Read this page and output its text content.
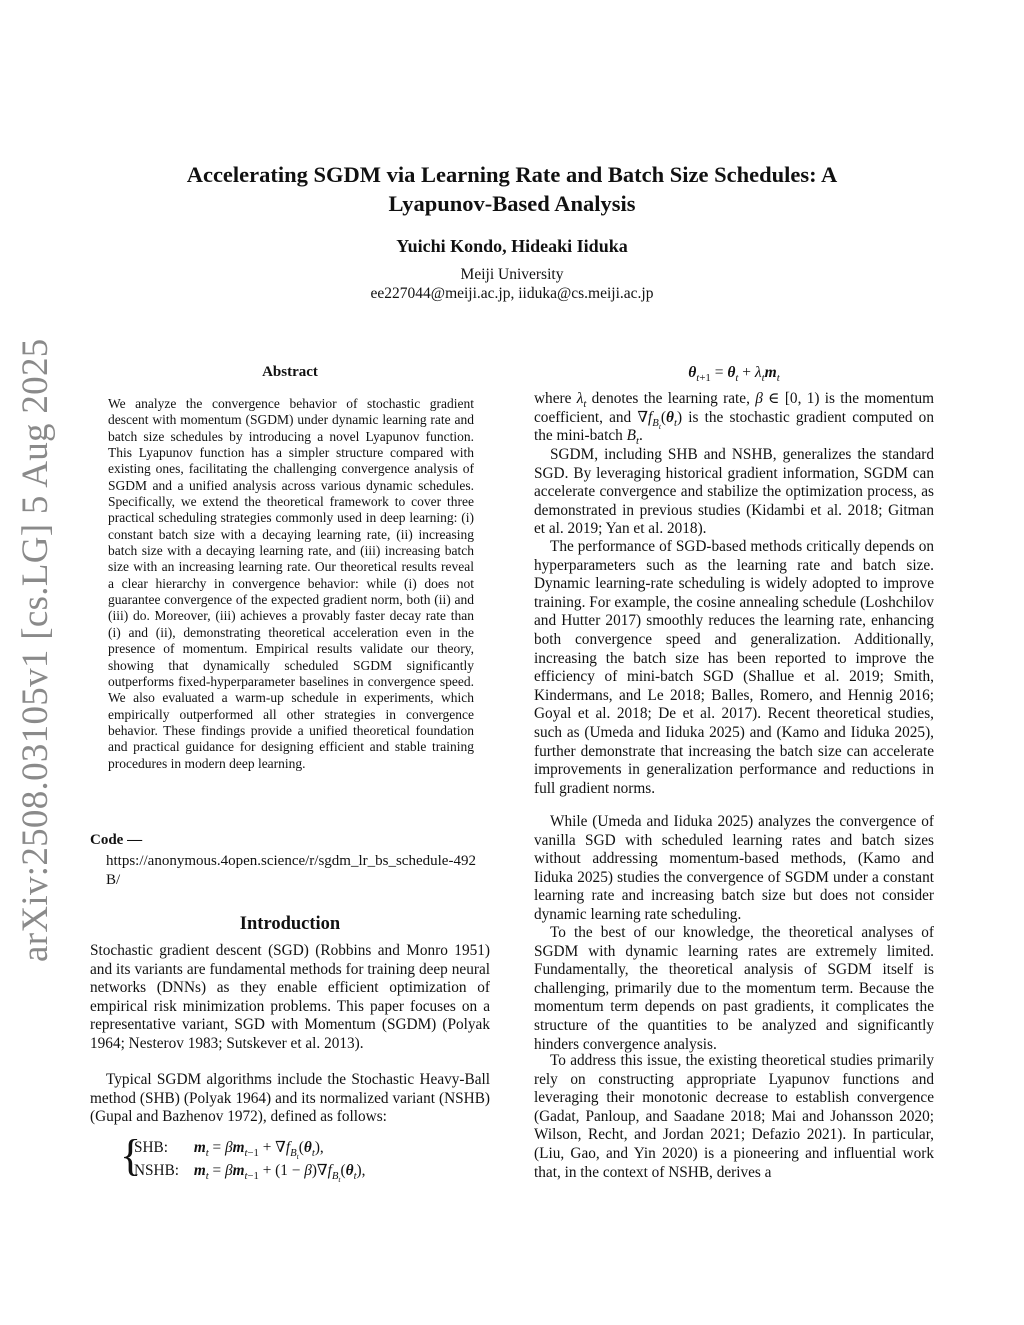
arXiv:2508.03105v1 [cs.LG] 5 Aug 2025
Accelerating SGDM via Learning Rate and Batch Size Schedules: A
Lyapunov-Based Analysis
Yuichi Kondo, Hideaki Iiduka
Meiji University
ee227044@meiji.ac.jp, iiduka@cs.meiji.ac.jp
Abstract
We analyze the convergence behavior of stochastic gradient descent with momentum (SGDM) under dynamic learning rate and batch size schedules by introducing a novel Lyapunov function. This Lyapunov function has a simpler structure compared with existing ones, facilitating the challenging convergence analysis of SGDM and a unified analysis across various dynamic schedules. Specifically, we extend the theoretical framework to cover three practical scheduling strategies commonly used in deep learning: (i) constant batch size with a decaying learning rate, (ii) increasing batch size with a decaying learning rate, and (iii) increasing batch size with an increasing learning rate. Our theoretical results reveal a clear hierarchy in convergence behavior: while (i) does not guarantee convergence of the expected gradient norm, both (ii) and (iii) do. Moreover, (iii) achieves a provably faster decay rate than (i) and (ii), demonstrating theoretical acceleration even in the presence of momentum. Empirical results validate our theory, showing that dynamically scheduled SGDM significantly outperforms fixed-hyperparameter baselines in convergence speed. We also evaluated a warm-up schedule in experiments, which empirically outperformed all other strategies in convergence behavior. These findings provide a unified theoretical foundation and practical guidance for designing efficient and stable training procedures in modern deep learning.
Code —
https://anonymous.4open.science/r/sgdm_lr_bs_schedule-492B/
Introduction
Stochastic gradient descent (SGD) (Robbins and Monro 1951) and its variants are fundamental methods for training deep neural networks (DNNs) as they enable efficient optimization of empirical risk minimization problems. This paper focuses on a representative variant, SGD with Momentum (SGDM) (Polyak 1964; Nesterov 1983; Sutskever et al. 2013).
Typical SGDM algorithms include the Stochastic Heavy-Ball method (SHB) (Polyak 1964) and its normalized variant (NSHB) (Gupal and Bazhenov 1972), defined as follows:
{
SHB: $m_t = \beta m_{t-1} + \nabla f_{B_t}(\theta_t)$,
NSHB: $m_t = \beta m_{t-1} + (1 - \beta)\nabla f_{B_t}(\theta_t)$,
$\theta_{t+1} = \theta_t + \lambda_tm_t$
where $\lambda_t$ denotes the learning rate, β ∈ [0, 1) is the momentum coefficient, and $\nabla f_{B_t}(\theta_t)$ is the stochastic gradient computed on the mini-batch $B_t$.
SGDM, including SHB and NSHB, generalizes the standard SGD. By leveraging historical gradient information, SGDM can accelerate convergence and stabilize the optimization process, as demonstrated in previous studies (Kidambi et al. 2018; Gitman et al. 2019; Yan et al. 2018).
The performance of SGD-based methods critically depends on hyperparameters such as the learning rate and batch size. Dynamic learning-rate scheduling is widely adopted to improve training. For example, the cosine annealing schedule (Loshchilov and Hutter 2017) smoothly reduces the learning rate, enhancing both convergence speed and generalization. Additionally, increasing the batch size has been reported to improve the efficiency of mini-batch SGD (Shallue et al. 2019; Smith, Kindermans, and Le 2018; Balles, Romero, and Hennig 2016; Goyal et al. 2018; De et al. 2017). Recent theoretical studies, such as (Umeda and Iiduka 2025) and (Kamo and Iiduka 2025), further demonstrate that increasing the batch size can accelerate improvements in generalization performance and reductions in full gradient norms.
While (Umeda and Iiduka 2025) analyzes the convergence of vanilla SGD with scheduled learning rates and batch sizes without addressing momentum-based methods, (Kamo and Iiduka 2025) studies the convergence of SGDM under a constant learning rate and increasing batch size but does not consider dynamic learning rate scheduling.
To the best of our knowledge, the theoretical analyses of SGDM with dynamic learning rates are extremely limited. Fundamentally, the theoretical analysis of SGDM itself is challenging, primarily due to the momentum term. Because the momentum term depends on past gradients, it complicates the structure of the quantities to be analyzed and significantly hinders convergence analysis.
To address this issue, the existing theoretical studies primarily rely on constructing appropriate Lyapunov functions and leveraging their monotonic decrease to establish convergence (Gadat, Panloup, and Saadane 2018; Mai and Johansson 2020; Wilson, Recht, and Jordan 2021; Defazio 2021). In particular, (Liu, Gao, and Yin 2020) is a pioneering and influential work that, in the context of NSHB, derives a
